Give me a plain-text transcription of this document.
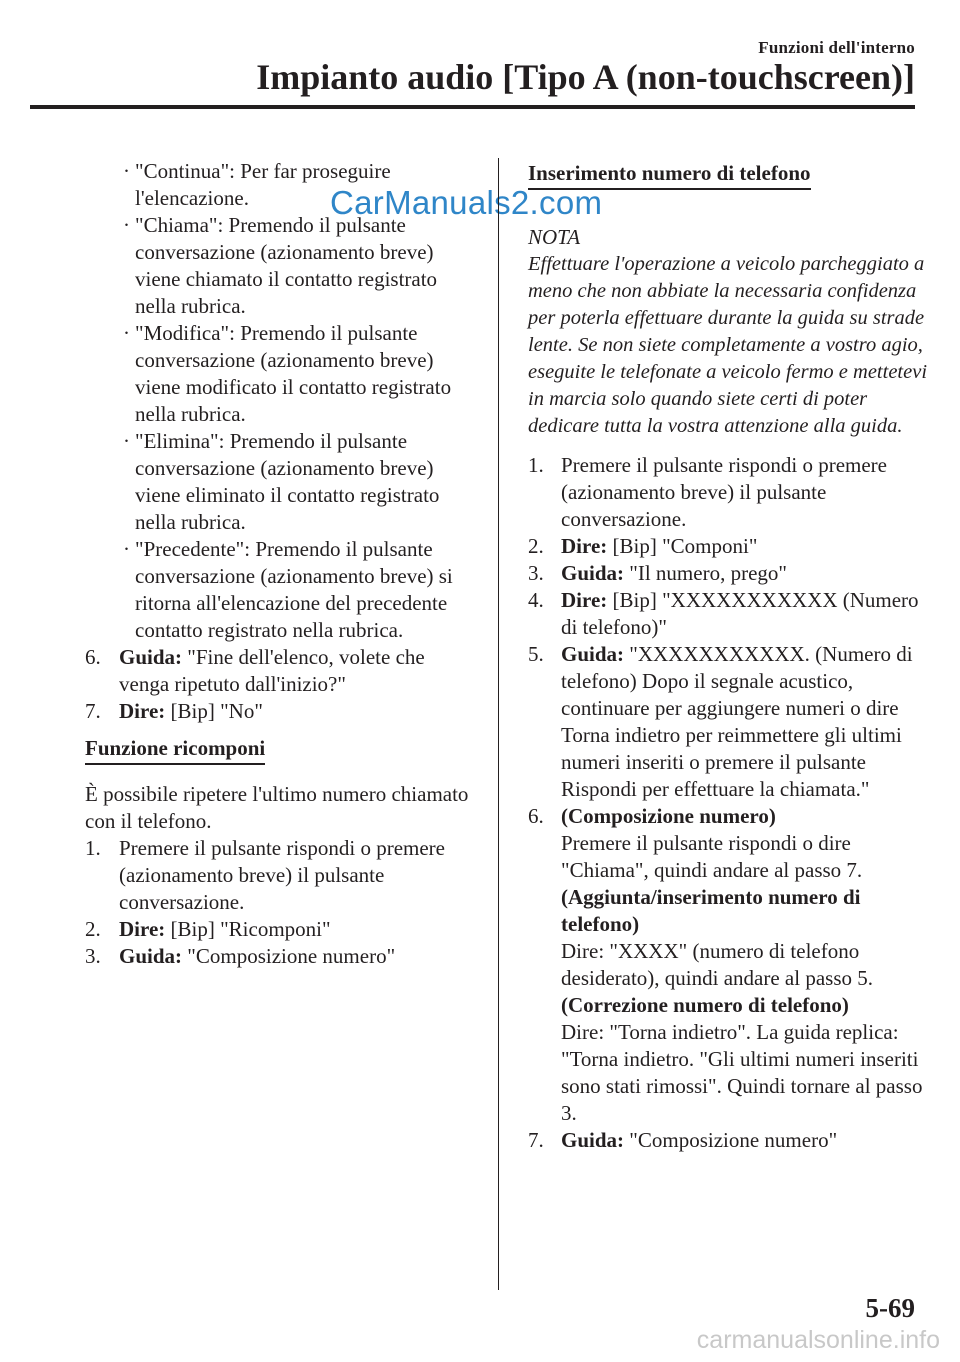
Funzioni dell'interno
Impianto audio [Tipo A (non-touchscreen)]
CarManuals2.com
· "Continua": Per far proseguire l'elencazione.
· "Chiama": Premendo il pulsante conversazione (azionamento breve) viene chiamato il contatto registrato nella rubrica.
· "Modifica": Premendo il pulsante conversazione (azionamento breve) viene modificato il contatto registrato nella rubrica.
· "Elimina": Premendo il pulsante conversazione (azionamento breve) viene eliminato il contatto registrato nella rubrica.
· "Precedente": Premendo il pulsante conversazione (azionamento breve) si ritorna all'elencazione del precedente contatto registrato nella rubrica.
6. Guida: "Fine dell'elenco, volete che venga ripetuto dall'inizio?"
7. Dire: [Bip] "No"
Funzione ricomponi
È possibile ripetere l'ultimo numero chiamato con il telefono.
1. Premere il pulsante rispondi o premere (azionamento breve) il pulsante conversazione.
2. Dire: [Bip] "Ricomponi"
3. Guida: "Composizione numero"
Inserimento numero di telefono
NOTA
Effettuare l'operazione a veicolo parcheggiato a meno che non abbiate la necessaria confidenza per poterla effettuare durante la guida su strade lente. Se non siete completamente a vostro agio, eseguite le telefonate a veicolo fermo e mettetevi in marcia solo quando siete certi di poter dedicare tutta la vostra attenzione alla guida.
1. Premere il pulsante rispondi o premere (azionamento breve) il pulsante conversazione.
2. Dire: [Bip] "Componi"
3. Guida: "Il numero, prego"
4. Dire: [Bip] "XXXXXXXXXXX (Numero di telefono)"
5. Guida: "XXXXXXXXXXX. (Numero di telefono) Dopo il segnale acustico, continuare per aggiungere numeri o dire Torna indietro per reimmettere gli ultimi numeri inseriti o premere il pulsante Rispondi per effettuare la chiamata."
6. (Composizione numero)
Premere il pulsante rispondi o dire "Chiama", quindi andare al passo 7.
(Aggiunta/inserimento numero di telefono)
Dire: "XXXX" (numero di telefono desiderato), quindi andare al passo 5.
(Correzione numero di telefono)
Dire: "Torna indietro". La guida replica: "Torna indietro. "Gli ultimi numeri inseriti sono stati rimossi". Quindi tornare al passo 3.
7. Guida: "Composizione numero"
5-69
carmanualsonline.info
